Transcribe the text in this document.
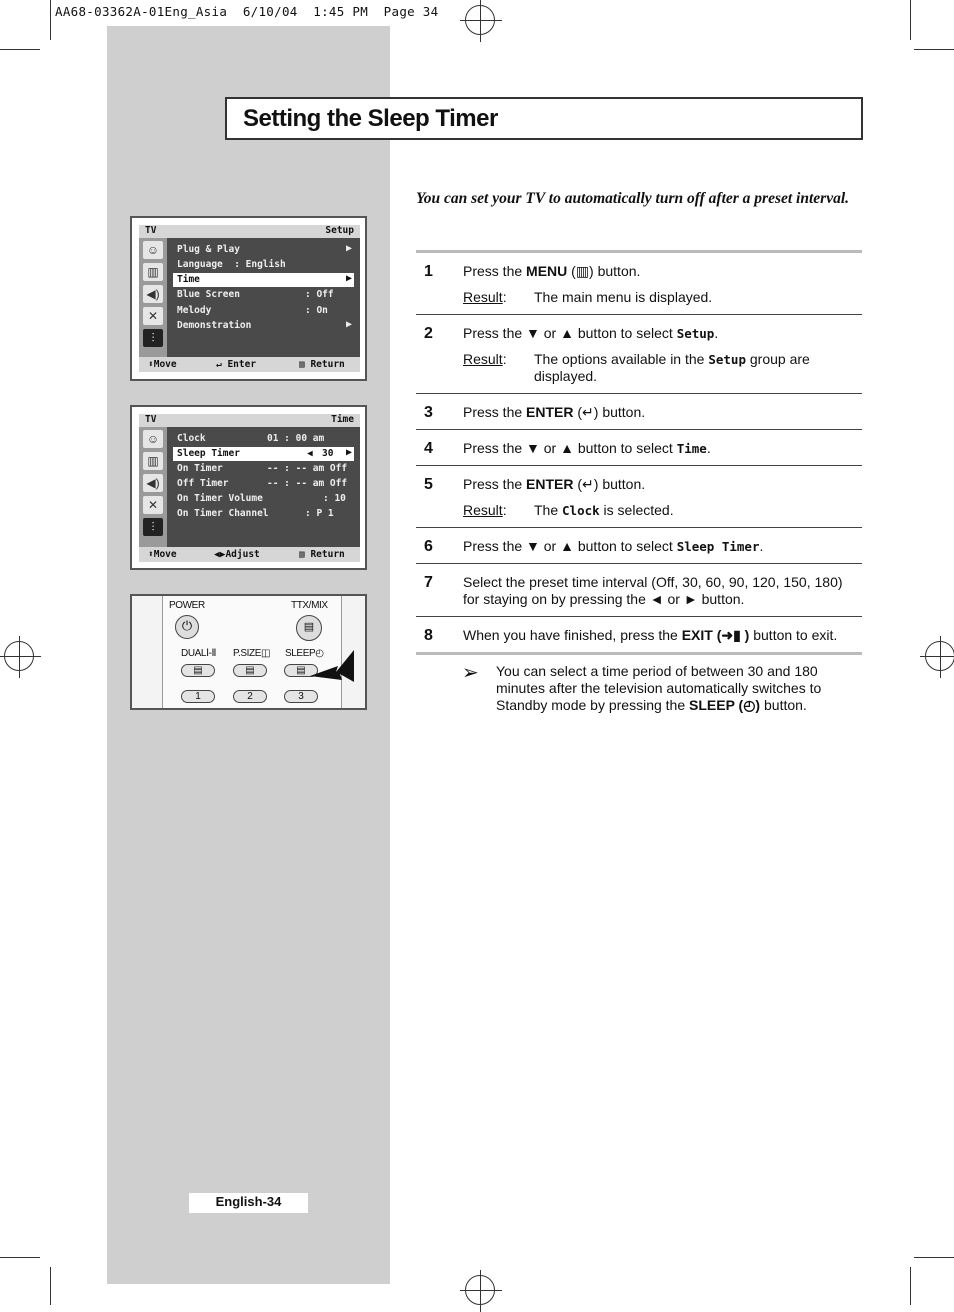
AA68-03362A-01Eng_Asia  6/10/04  1:45 PM  Page 34
Setting the Sleep Timer
TV	Setup
☺
▥
◀)
✕
⫶
Plug & Play	▶
Language  : English
Time	▶
Blue Screen	: Off
Melody	: On
Demonstration	▶
⬍Move	↵ Enter	▥ Return
TV	Time
☺
▥
◀)
✕
⫶
Clock	01 : 00 am
Sleep Timer	◀ 30 ▶
On Timer	-- : -- am Off
Off Timer	-- : -- am Off
On Timer Volume	: 10
On Timer Channel	: P 1
⬍Move	◀▶Adjust	▥ Return
POWER
⏻
TTX/MIX
▤
DUALⅠ-Ⅱ P.SIZE◫ SLEEP◴
▤	▤	▤
1	2	3
You can set your TV to automatically turn off after a preset interval.
1 Press the MENU (▥) button.
Result: The main menu is displayed.
2 Press the ▼ or ▲ button to select Setup.
Result: The options available in the Setup group are displayed.
3 Press the ENTER (↵) button.
4 Press the ▼ or ▲ button to select Time.
5 Press the ENTER (↵) button.
Result: The Clock is selected.
6 Press the ▼ or ▲ button to select Sleep Timer.
7 Select the preset time interval (Off, 30, 60, 90, 120, 150, 180) for staying on by pressing the ◄ or ► button.
8 When you have finished, press the EXIT (➜▮ ) button to exit.
➢ You can select a time period of between 30 and 180 minutes after the television automatically switches to Standby mode by pressing the SLEEP (◴) button.
English-34
